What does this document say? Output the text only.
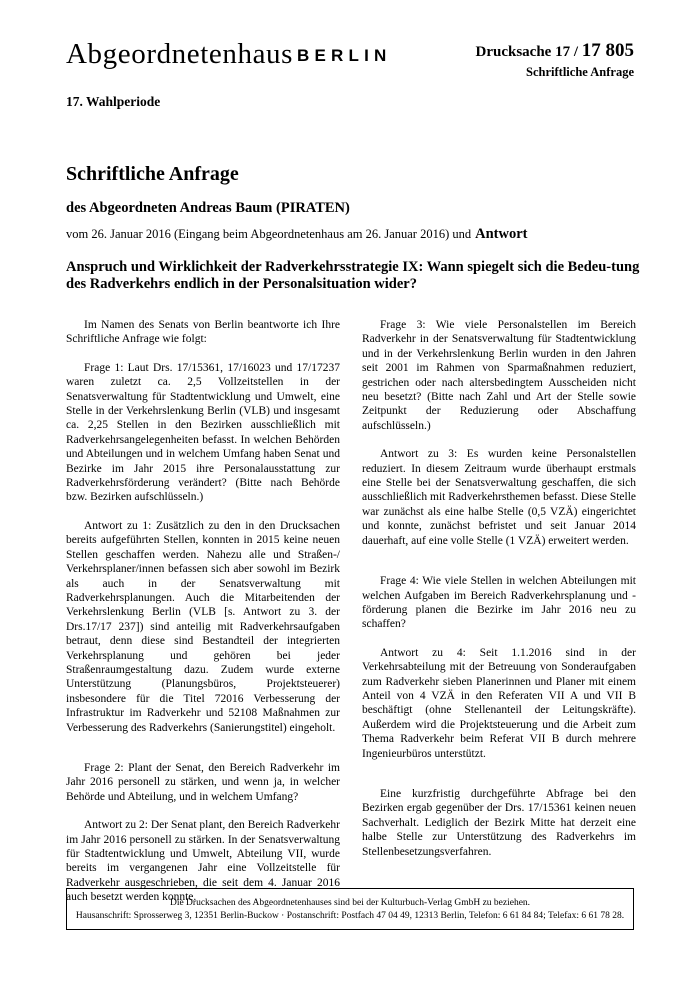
Abgeordnetenhaus BERLIN	Drucksache 17 / 17 805
Schriftliche Anfrage
17. Wahlperiode
Schriftliche Anfrage
des Abgeordneten Andreas Baum (PIRATEN)
vom 26. Januar 2016 (Eingang beim Abgeordnetenhaus am 26. Januar 2016) und Antwort
Anspruch und Wirklichkeit der Radverkehrsstrategie IX: Wann spiegelt sich die Bedeu-tung des Radverkehrs endlich in der Personalsituation wider?

Im Namen des Senats von Berlin beantworte ich Ihre Schriftliche Anfrage wie folgt:

Frage 1: Laut Drs. 17/15361, 17/16023 und 17/17237 waren zuletzt ca. 2,5 Vollzeitstellen in der Senatsverwaltung für Stadtentwicklung und Umwelt, eine Stelle in der Verkehrslenkung Berlin (VLB) und insgesamt ca. 2,25 Stellen in den Bezirken ausschließlich mit Radverkehrsangelegenheiten befasst. In welchen Behörden und Abteilungen und in welchem Umfang haben Senat und Bezirke im Jahr 2015 ihre Personalausstattung zur Radverkehrsförderung verändert? (Bitte nach Behörde bzw. Bezirken aufschlüsseln.)

Antwort zu 1: Zusätzlich zu den in den Drucksachen bereits aufgeführten Stellen, konnten in 2015 keine neuen Stellen geschaffen werden. Nahezu alle und Straßen-/ Verkehrsplaner/innen befassen sich aber sowohl im Bezirk als auch in der Senatsverwaltung mit Radverkehrsplanungen. Auch die Mitarbeitenden der Verkehrslenkung Berlin (VLB [s. Antwort zu 3. der Drs.17/17 237]) sind anteilig mit Radverkehrsaufgaben betraut, denn diese sind Bestandteil der integrierten Verkehrsplanung und gehören bei jeder Straßenraumgestaltung dazu. Zudem wurde externe Unterstützung (Planungsbüros, Projektsteuerer) insbesondere für die Titel 72016 Verbesserung der Infrastruktur im Radverkehr und 52108 Maßnahmen zur Verbesserung des Radverkehrs (Sanierungstitel) eingeholt.

Frage 2: Plant der Senat, den Bereich Radverkehr im Jahr 2016 personell zu stärken, und wenn ja, in welcher Behörde und Abteilung, und in welchem Umfang?

Antwort zu 2: Der Senat plant, den Bereich Radverkehr im Jahr 2016 personell zu stärken. In der Senatsverwaltung für Stadtentwicklung und Umwelt, Abteilung VII, wurde bereits im vergangenen Jahr eine Vollzeitstelle für Radverkehr ausgeschrieben, die seit dem 4. Januar 2016 auch besetzt werden konnte.

Frage 3: Wie viele Personalstellen im Bereich Radverkehr in der Senatsverwaltung für Stadtentwicklung und in der Verkehrslenkung Berlin wurden in den Jahren seit 2001 im Rahmen von Sparmaßnahmen reduziert, gestrichen oder nach altersbedingtem Ausscheiden nicht neu besetzt? (Bitte nach Zahl und Art der Stelle sowie Zeitpunkt der Reduzierung oder Abschaffung aufschlüsseln.)

Antwort zu 3: Es wurden keine Personalstellen reduziert. In diesem Zeitraum wurde überhaupt erstmals eine Stelle bei der Senatsverwaltung geschaffen, die sich ausschließlich mit Radverkehrsthemen befasst. Diese Stelle war zunächst als eine halbe Stelle (0,5 VZÄ) eingerichtet und konnte, zunächst befristet und seit Januar 2014 dauerhaft, auf eine volle Stelle (1 VZÄ) erweitert werden.

Frage 4: Wie viele Stellen in welchen Abteilungen mit welchen Aufgaben im Bereich Radverkehrsplanung und -förderung planen die Bezirke im Jahr 2016 neu zu schaffen?

Antwort zu 4: Seit 1.1.2016 sind in der Verkehrsabteilung mit der Betreuung von Sonderaufgaben zum Radverkehr sieben Planerinnen und Planer mit einem Anteil von 4 VZÄ in den Referaten VII A und VII B beschäftigt (ohne Stellenanteil der Leitungskräfte). Außerdem wird die Projektsteuerung und die Arbeit zum Thema Radverkehr beim Referat VII B durch mehrere Ingenieurbüros unterstützt.

Eine kurzfristig durchgeführte Abfrage bei den Bezirken ergab gegenüber der Drs. 17/15361 keinen neuen Sachverhalt. Lediglich der Bezirk Mitte hat derzeit eine halbe Stelle zur Unterstützung des Radverkehrs im Stellenbesetzungsverfahren.

Die Drucksachen des Abgeordnetenhauses sind bei der Kulturbuch-Verlag GmbH zu beziehen.
Hausanschrift: Sprosserweg 3, 12351 Berlin-Buckow · Postanschrift: Postfach 47 04 49, 12313 Berlin, Telefon: 6 61 84 84; Telefax: 6 61 78 28.
